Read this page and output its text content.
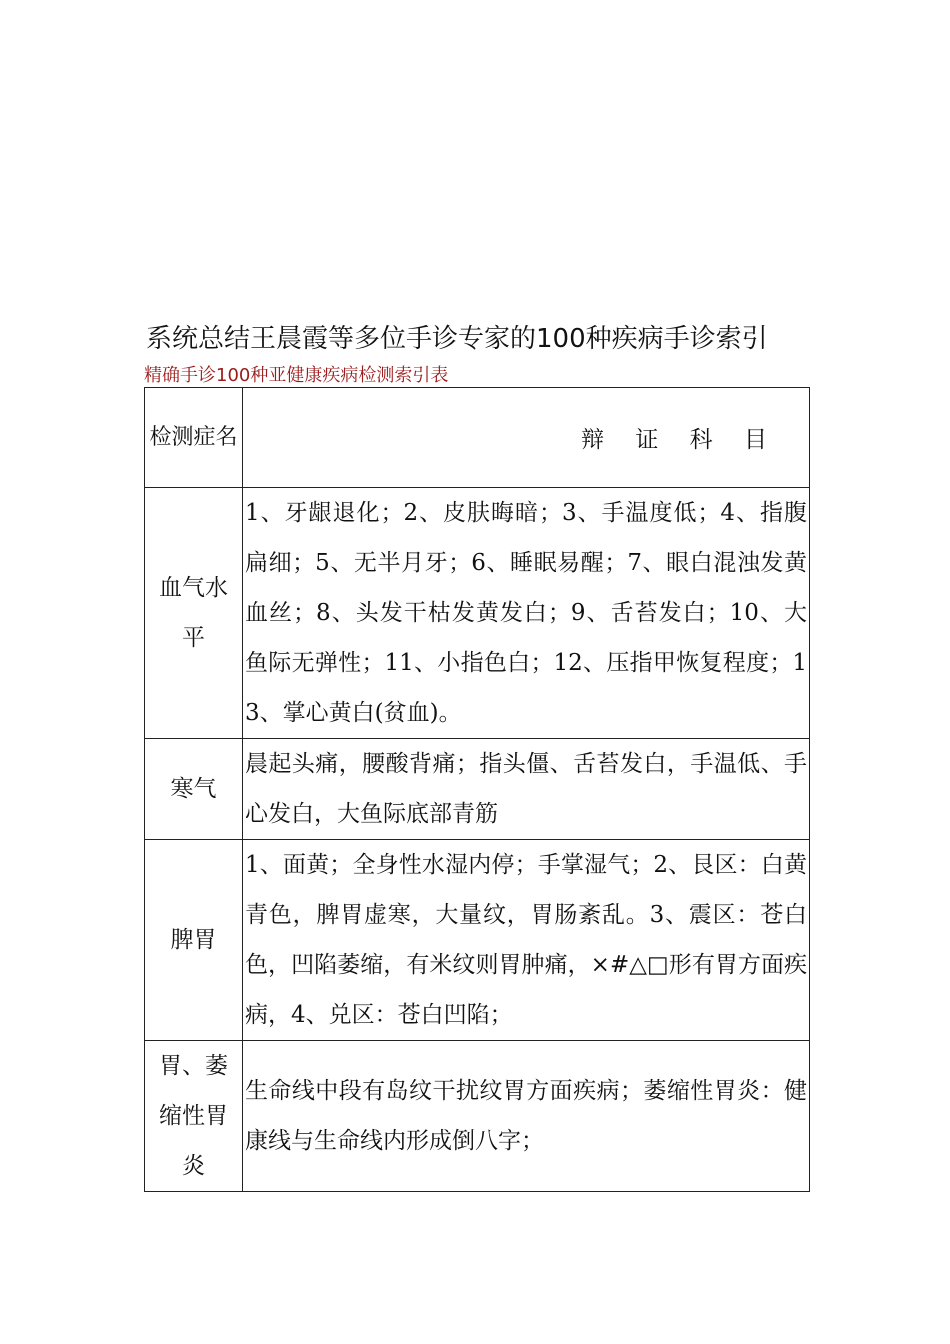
系统总结王晨霞等多位手诊专家的100种疾病手诊索引
精确手诊100种亚健康疾病检测索引表
检测症名	辩 证 科 目
血气水平	1、牙龈退化；2、皮肤晦暗；3、手温度低；4、指腹扁细；5、无半月牙；6、睡眠易醒；7、眼白混浊发黄血丝；8、头发干枯发黄发白；9、舌苔发白；10、大鱼际无弹性；11、小指色白；12、压指甲恢复程度；13、掌心黄白(贫血)。
寒气	晨起头痛，腰酸背痛；指头僵、舌苔发白，手温低、手心发白，大鱼际底部青筋
脾胃	1、面黄；全身性水湿内停；手掌湿气；2、艮区：白黄青色，脾胃虚寒，大量纹，胃肠紊乱。3、震区：苍白色，凹陷萎缩，有米纹则胃肿痛，×#△□形有胃方面疾病，4、兑区：苍白凹陷；
胃、萎缩性胃炎	生命线中段有岛纹干扰纹胃方面疾病；萎缩性胃炎：健康线与生命线内形成倒八字；
